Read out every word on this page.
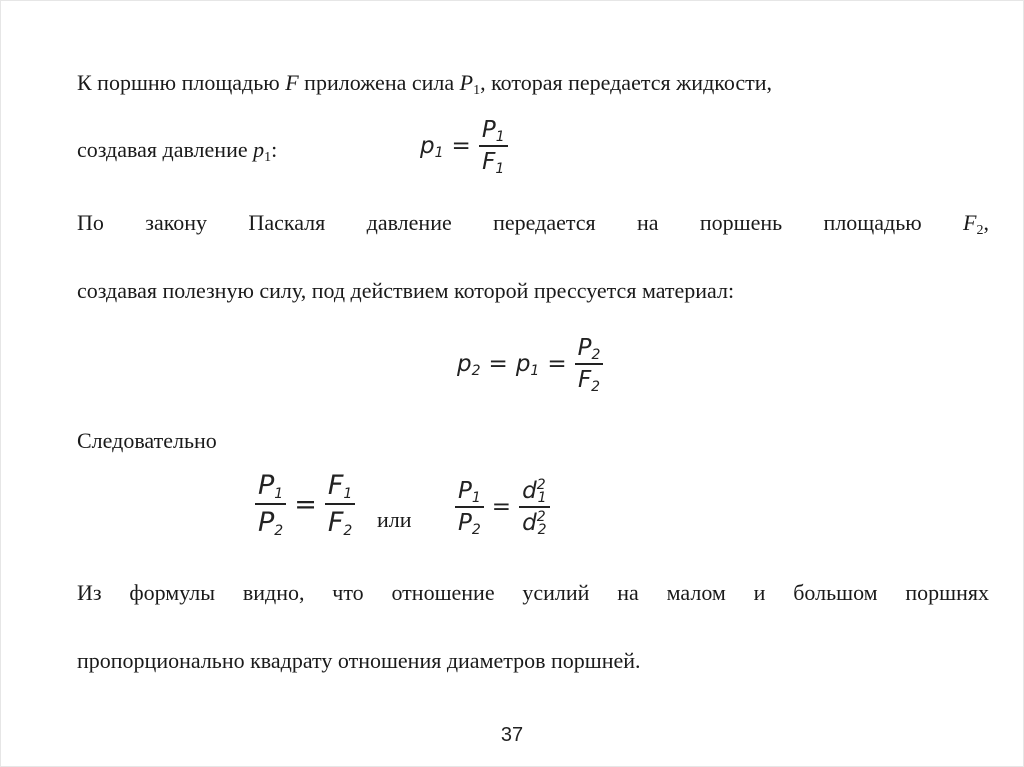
К поршню площадью F приложена сила $P_1$, которая передается жидкости,
создавая давление $p_1$:	$p_1 = \frac{P_1}{F_1}$
По закону Паскаля давление передается на поршень площадью $F_2$,
создавая полезную силу, под действием которой прессуется материал:
$p_2 = p_1 = \frac{P_2}{F_2}$
Следовательно
$\frac{P_1}{P_2} = \frac{F_1}{F_2}$ или $\frac{P_1}{P_2} = \frac{d^2_1}{d^2_2}$
Из формулы видно, что отношение усилий на малом и большом поршнях
пропорционально квадрату отношения диаметров поршней.
37
